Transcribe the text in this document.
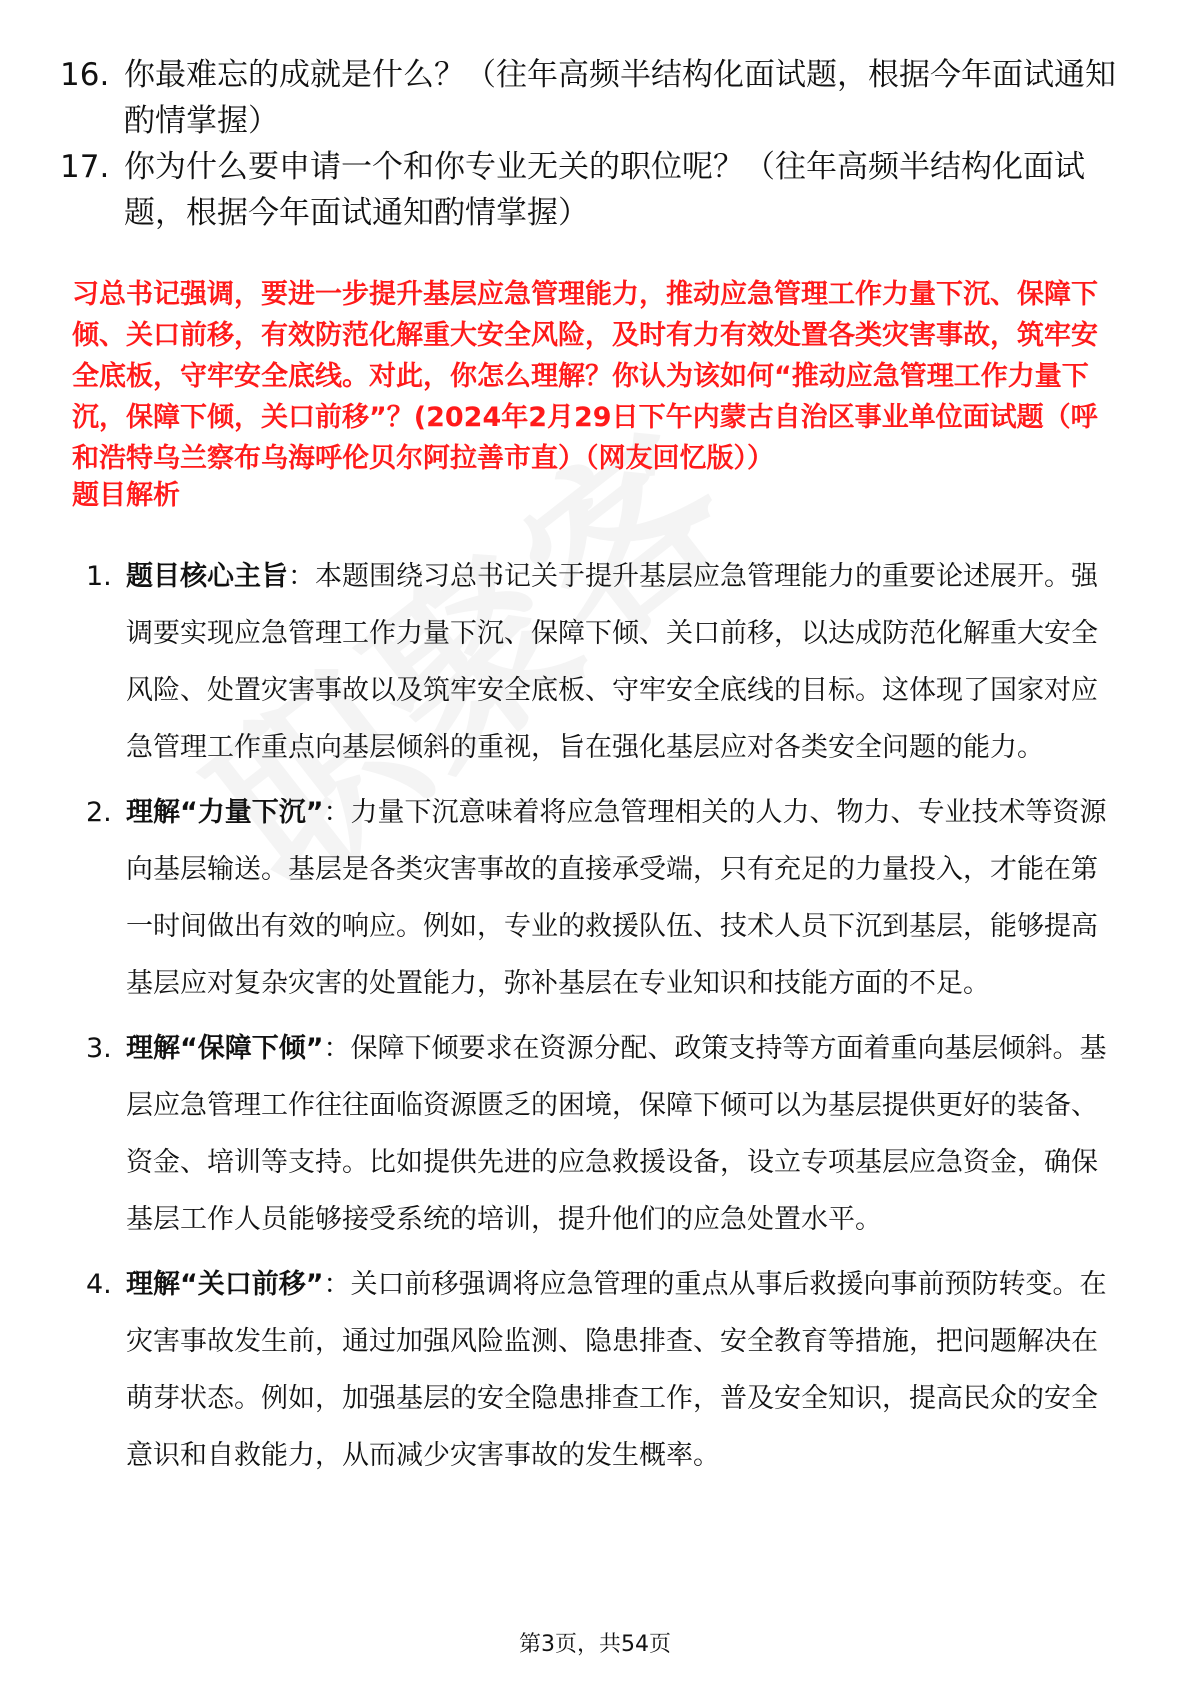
16. 你最难忘的成就是什么？（往年高频半结构化面试题，根据今年面试通知酌情掌握）
17. 你为什么要申请一个和你专业无关的职位呢？（往年高频半结构化面试题，根据今年面试通知酌情掌握）
习总书记强调，要进一步提升基层应急管理能力，推动应急管理工作力量下沉、保障下倾、关口前移，有效防范化解重大安全风险，及时有力有效处置各类灾害事故，筑牢安全底板，守牢安全底线。对此，你怎么理解？你认为该如何“推动应急管理工作力量下沉，保障下倾，关口前移”？(2024年2月29日下午内蒙古自治区事业单位面试题（呼和浩特乌兰察布乌海呼伦贝尔阿拉善市直）（网友回忆版））
题目解析
1. 题目核心主旨：本题围绕习总书记关于提升基层应急管理能力的重要论述展开。强调要实现应急管理工作力量下沉、保障下倾、关口前移，以达成防范化解重大安全风险、处置灾害事故以及筑牢安全底板、守牢安全底线的目标。这体现了国家对应急管理工作重点向基层倾斜的重视，旨在强化基层应对各类安全问题的能力。
2. 理解“力量下沉”：力量下沉意味着将应急管理相关的人力、物力、专业技术等资源向基层输送。基层是各类灾害事故的直接承受端，只有充足的力量投入，才能在第一时间做出有效的响应。例如，专业的救援队伍、技术人员下沉到基层，能够提高基层应对复杂灾害的处置能力，弥补基层在专业知识和技能方面的不足。
3. 理解“保障下倾”：保障下倾要求在资源分配、政策支持等方面着重向基层倾斜。基层应急管理工作往往面临资源匮乏的困境，保障下倾可以为基层提供更好的装备、资金、培训等支持。比如提供先进的应急救援设备，设立专项基层应急资金，确保基层工作人员能够接受系统的培训，提升他们的应急处置水平。
4. 理解“关口前移”：关口前移强调将应急管理的重点从事后救援向事前预防转变。在灾害事故发生前，通过加强风险监测、隐患排查、安全教育等措施，把问题解决在萌芽状态。例如，加强基层的安全隐患排查工作，普及安全知识，提高民众的安全意识和自救能力，从而减少灾害事故的发生概率。
第3页，共54页
